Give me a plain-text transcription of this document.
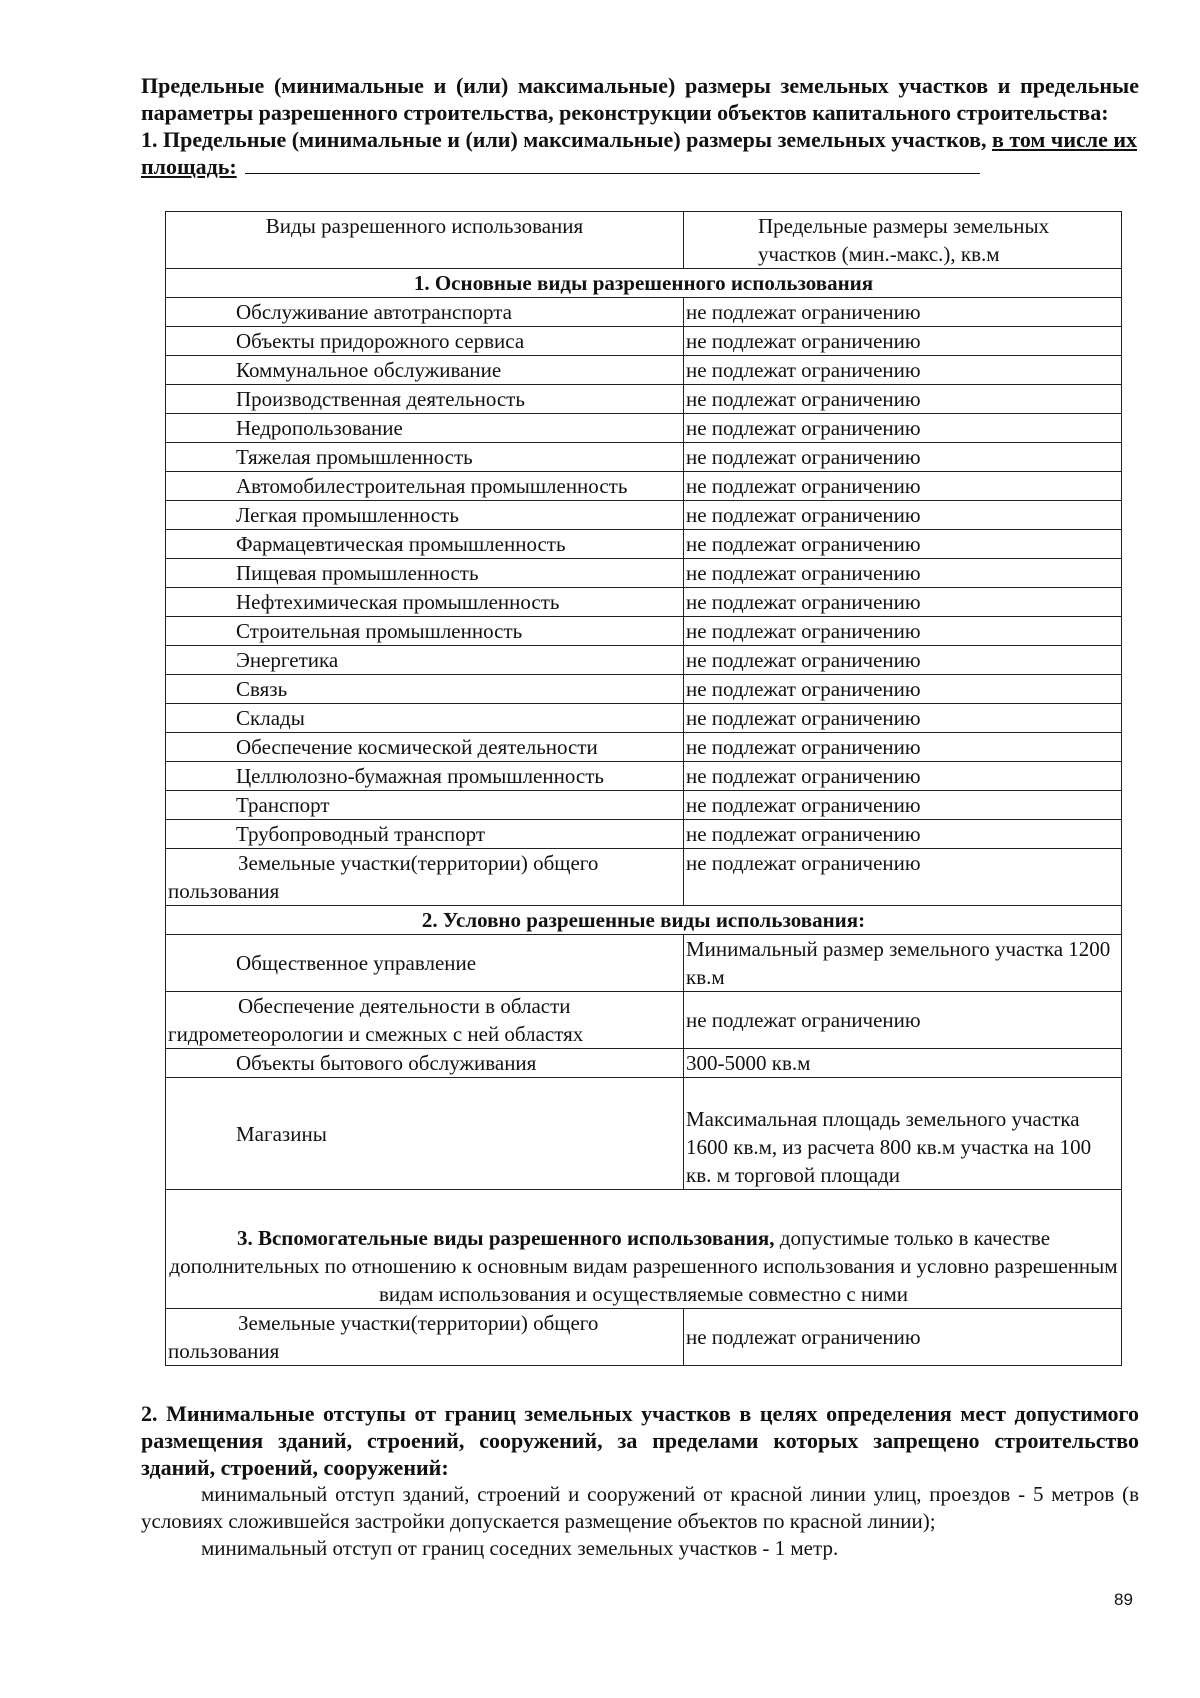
Предельные (минимальные и (или) максимальные) размеры земельных участков и предельные параметры разрешенного строительства, реконструкции объектов капитального строительства:

1. Предельные (минимальные и (или) максимальные) размеры земельных участков, в том числе их площадь:

Виды разрешенного использования	Предельные размеры земельных участков (мин.-макс.), кв.м
1. Основные виды разрешенного использования	
Обслуживание автотранспорта	не подлежат ограничению
Объекты придорожного сервиса	не подлежат ограничению
Коммунальное обслуживание	не подлежат ограничению
Производственная деятельность	не подлежат ограничению
Недропользование	не подлежат ограничению
Тяжелая промышленность	не подлежат ограничению
Автомобилестроительная промышленность	не подлежат ограничению
Легкая промышленность	не подлежат ограничению
Фармацевтическая промышленность	не подлежат ограничению
Пищевая промышленность	не подлежат ограничению
Нефтехимическая промышленность	не подлежат ограничению
Строительная промышленность	не подлежат ограничению
Энергетика	не подлежат ограничению
Связь	не подлежат ограничению
Склады	не подлежат ограничению
Обеспечение космической деятельности	не подлежат ограничению
Целлюлозно-бумажная промышленность	не подлежат ограничению
Транспорт	не подлежат ограничению
Трубопроводный транспорт	не подлежат ограничению
Земельные участки(территории) общего пользования	не подлежат ограничению
2. Условно разрешенные виды использования:	
Общественное управление	Минимальный размер земельного участка 1200 кв.м
Обеспечение деятельности в области гидрометеорологии и смежных с ней областях	не подлежат ограничению
Объекты бытового обслуживания	300-5000 кв.м
Магазины	Максимальная площадь земельного участка 1600 кв.м, из расчета 800 кв.м участка на 100 кв. м торговой площади
3. Вспомогательные виды разрешенного использования, допустимые только в качестве дополнительных по отношению к основным видам разрешенного использования и условно разрешенным видам использования и осуществляемые совместно с ними	
Земельные участки(территории) общего пользования	не подлежат ограничению

2. Минимальные отступы от границ земельных участков в целях определения мест допустимого размещения зданий, строений, сооружений, за пределами которых запрещено строительство зданий, строений, сооружений:

минимальный отступ зданий, строений и сооружений от красной линии улиц, проездов - 5 метров (в условиях сложившейся застройки допускается размещение объектов по красной линии);

минимальный отступ от границ соседних земельных участков - 1 метр.

89
